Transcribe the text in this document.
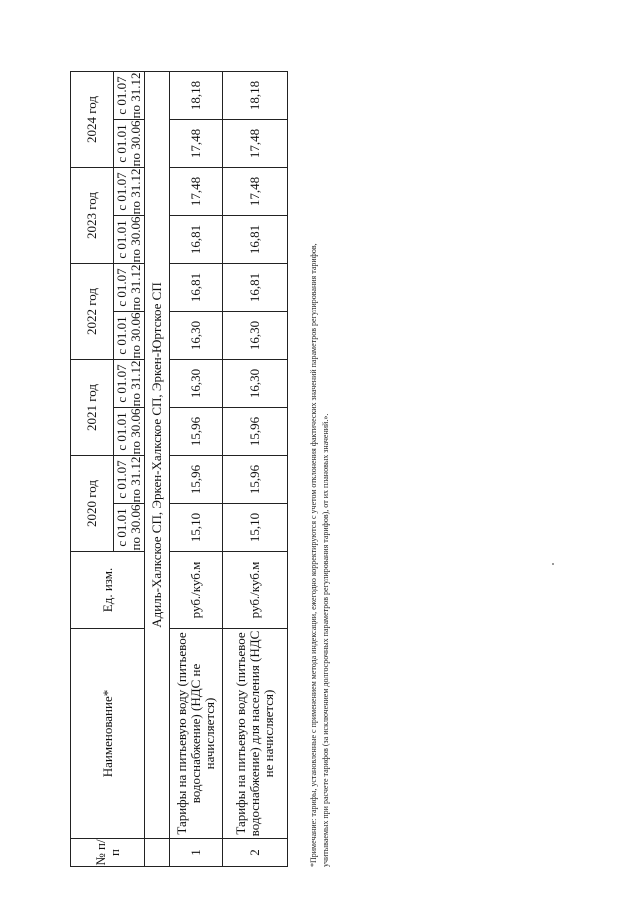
№ п/п	Наименование*	Ед. изм.	2020 год		2021 год		2022 год		2023 год		2024 год	
			с 01.01 по 30.06	с 01.07 по 31.12	с 01.01 по 30.06	с 01.07 по 31.12	с 01.01 по 30.06	с 01.07 по 31.12	с 01.01 по 30.06	с 01.07 по 31.12	с 01.01 по 30.06	с 01.07 по 31.12
	Адиль-Халкское СП, Эркен-Халкское СП, Эркен-Юртское СП											
1	Тарифы на питьевую воду (питьевое водоснабжение) (НДС не начисляется)	руб./куб.м	15,10	15,96	15,96	16,30	16,30	16,81	16,81	17,48	17,48	18,18
2	Тарифы на питьевую воду (питьевое водоснабжение) для населения (НДС не начисляется)	руб./куб.м	15,10	15,96	15,96	16,30	16,30	16,81	16,81	17,48	17,48	18,18
*Примечание: тарифы, установленные с применением метода индексации, ежегодно корректируются с учетом отклонения фактических значений параметров регулирования тарифов, учитываемых при расчете тарифов (за исключением долгосрочных параметров регулирования тарифов), от их плановых значений.».
